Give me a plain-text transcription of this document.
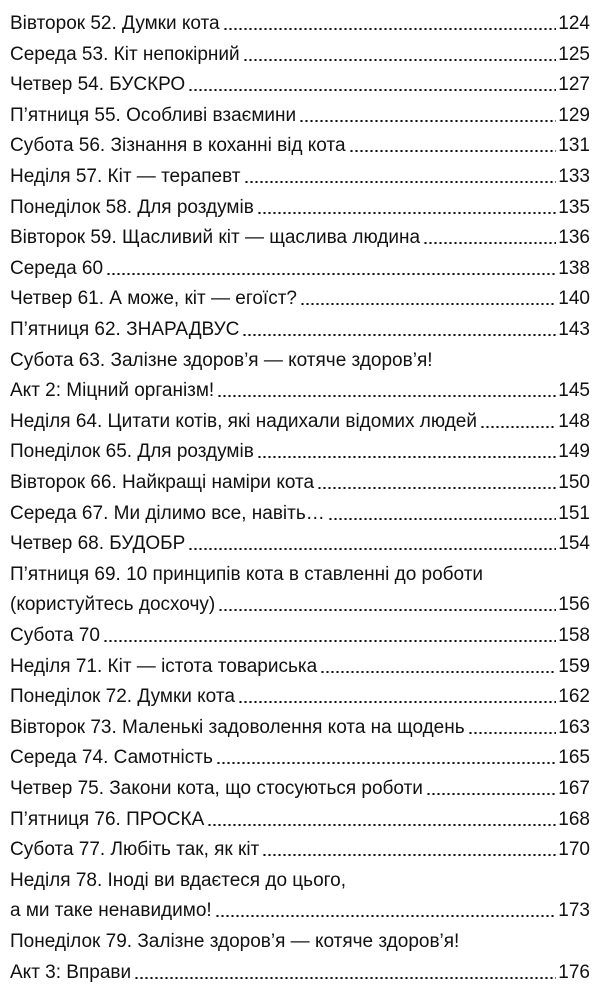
Вівторок 52. Думки кота	124
Середа 53. Кіт непокірний	125
Четвер 54. БУСКРО	127
П’ятниця 55. Особливі взаємини	129
Субота 56. Зізнання в коханні від кота	131
Неділя 57. Кіт — терапевт	133
Понеділок 58. Для роздумів	135
Вівторок 59. Щасливий кіт — щаслива людина	136
Середа 60	138
Четвер 61. А може, кіт — егоїст?	140
П’ятниця 62. ЗНАРАДВУС	143
Субота 63. Залізне здоров’я — котяче здоров’я!
Акт 2: Міцний організм!	145
Неділя 64. Цитати котів, які надихали відомих людей	148
Понеділок 65. Для роздумів	149
Вівторок 66. Найкращі наміри кота	150
Середа 67. Ми ділимо все, навіть…	151
Четвер 68. БУДОБР	154
П’ятниця 69. 10 принципів кота в ставленні до роботи
(користуйтесь досхочу)	156
Субота 70	158
Неділя 71. Кіт — істота товариська	159
Понеділок 72. Думки кота	162
Вівторок 73. Маленькі задоволення кота на щодень	163
Середа 74. Самотність	165
Четвер 75. Закони кота, що стосуються роботи	167
П’ятниця 76. ПРОСКА	168
Субота 77. Любіть так, як кіт	170
Неділя 78. Іноді ви вдаєтеся до цього,
а ми таке ненавидимо!	173
Понеділок 79. Залізне здоров’я — котяче здоров’я!
Акт 3: Вправи	176
